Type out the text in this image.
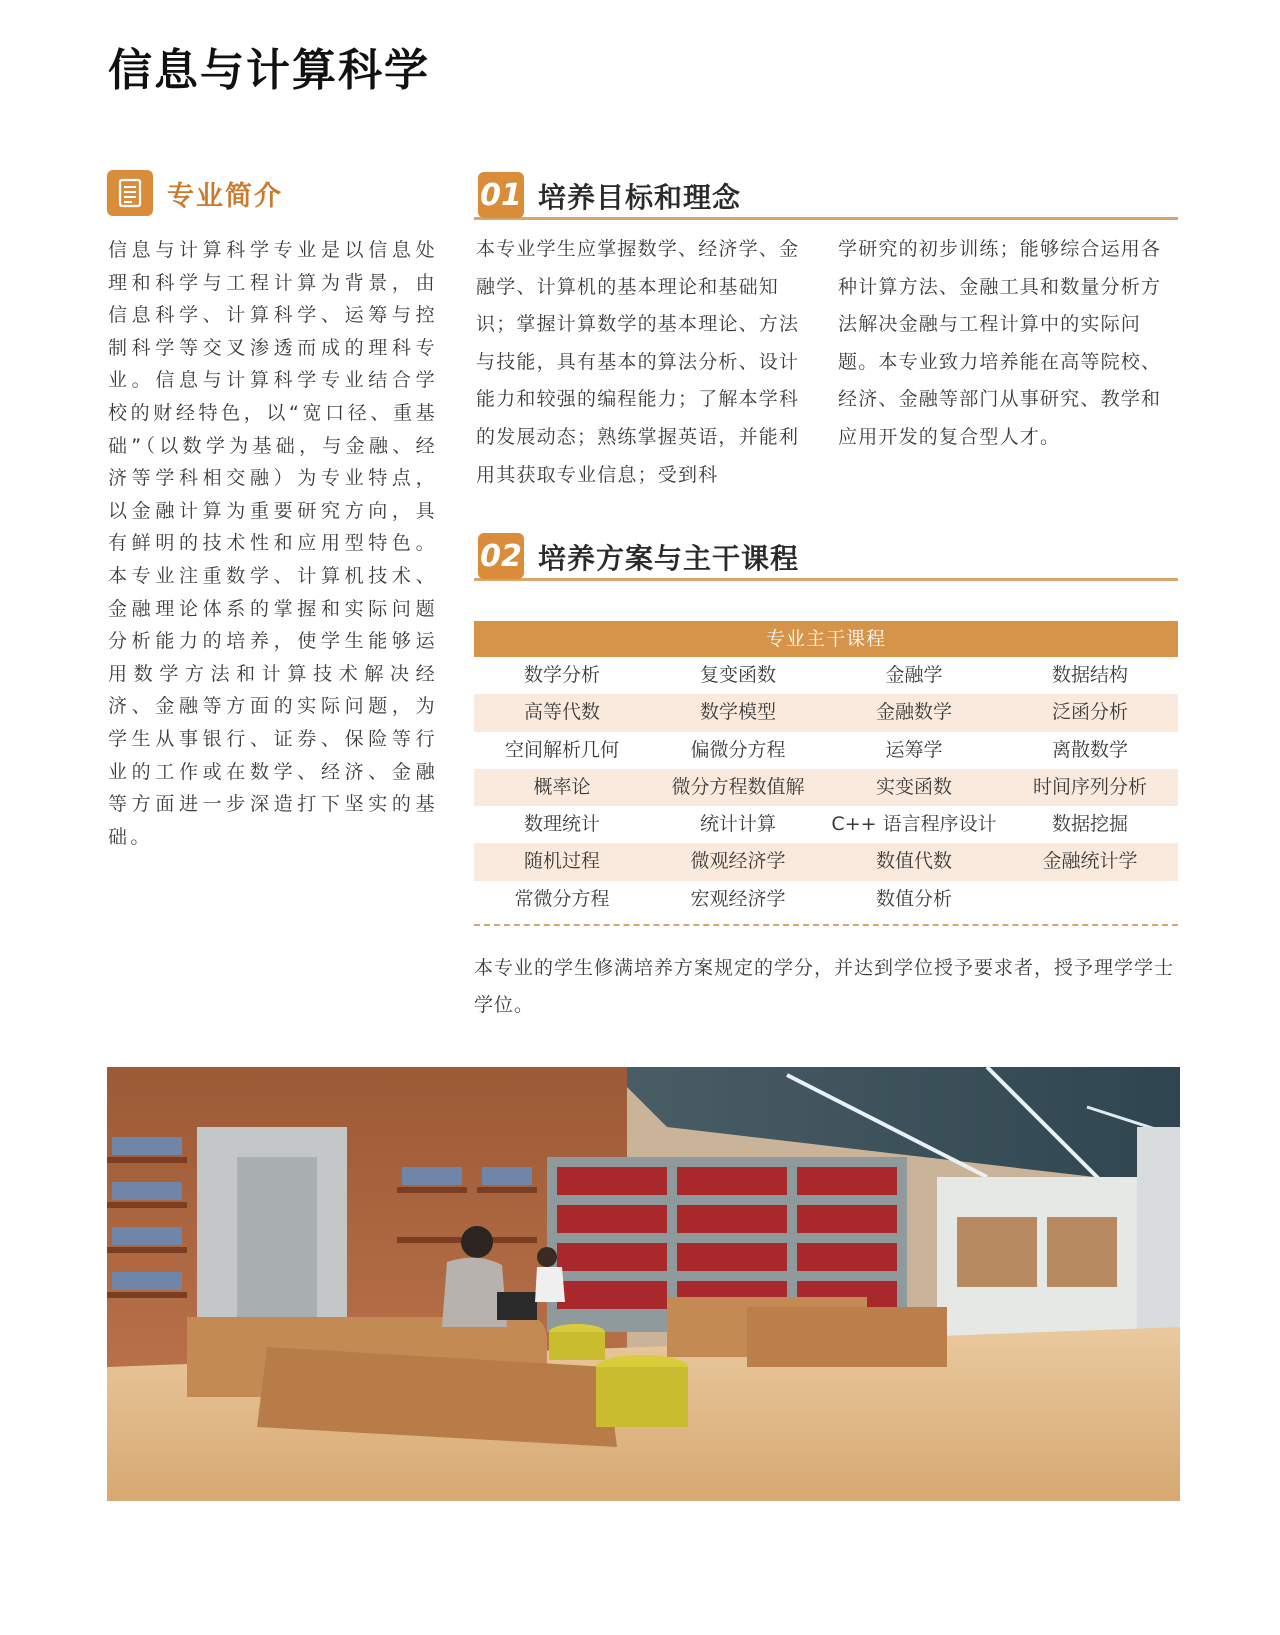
信息与计算科学
专业简介
信息与计算科学专业是以信息处理和科学与工程计算为背景，由信息科学、计算科学、运筹与控制科学等交叉渗透而成的理科专业。信息与计算科学专业结合学校的财经特色，以“宽口径、重基础”（以数学为基础，与金融、经济等学科相交融）为专业特点，以金融计算为重要研究方向，具有鲜明的技术性和应用型特色。本专业注重数学、计算机技术、金融理论体系的掌握和实际问题分析能力的培养，使学生能够运用数学方法和计算技术解决经济、金融等方面的实际问题，为学生从事银行、证券、保险等行业的工作或在数学、经济、金融等方面进一步深造打下坚实的基础。
01 培养目标和理念
本专业学生应掌握数学、经济学、金融学、计算机的基本理论和基础知识；掌握计算数学的基本理论、方法与技能，具有基本的算法分析、设计能力和较强的编程能力；了解本学科的发展动态；熟练掌握英语，并能利用其获取专业信息；受到科
学研究的初步训练；能够综合运用各种计算方法、金融工具和数量分析方法解决金融与工程计算中的实际问题。本专业致力培养能在高等院校、经济、金融等部门从事研究、教学和应用开发的复合型人才。
02 培养方案与主干课程
专业主干课程
数学分析	复变函数	金融学	数据结构
高等代数	数学模型	金融数学	泛函分析
空间解析几何	偏微分方程	运筹学	离散数学
概率论	微分方程数值解	实变函数	时间序列分析
数理统计	统计计算	C++ 语言程序设计	数据挖掘
随机过程	微观经济学	数值代数	金融统计学
常微分方程	宏观经济学	数值分析
本专业的学生修满培养方案规定的学分，并达到学位授予要求者，授予理学学士学位。
